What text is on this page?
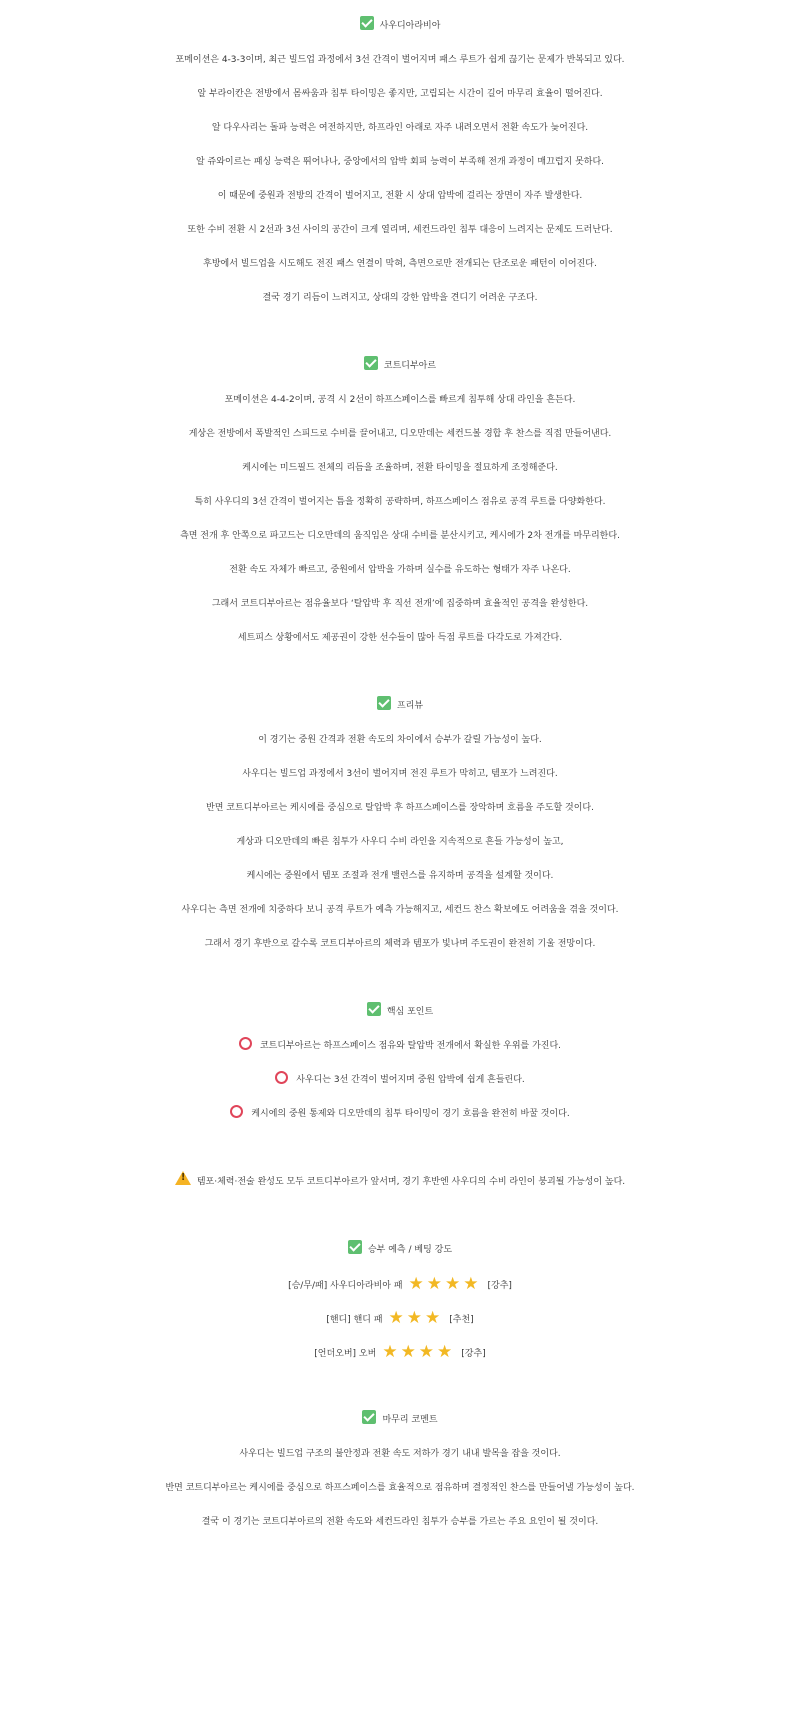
사우디아라비아
포메이션은 4-3-3이며, 최근 빌드업 과정에서 3선 간격이 벌어지며 패스 루트가 쉽게 끊기는 문제가 반복되고 있다.
알 부라이칸은 전방에서 몸싸움과 침투 타이밍은 좋지만, 고립되는 시간이 길어 마무리 효율이 떨어진다.
알 다우사리는 돌파 능력은 여전하지만, 하프라인 아래로 자주 내려오면서 전환 속도가 늦어진다.
알 쥬와이르는 패싱 능력은 뛰어나나, 중앙에서의 압박 회피 능력이 부족해 전개 과정이 매끄럽지 못하다.
이 때문에 중원과 전방의 간격이 벌어지고, 전환 시 상대 압박에 걸리는 장면이 자주 발생한다.
또한 수비 전환 시 2선과 3선 사이의 공간이 크게 열리며, 세컨드라인 침투 대응이 느려지는 문제도 드러난다.
후방에서 빌드업을 시도해도 전진 패스 연결이 막혀, 측면으로만 전개되는 단조로운 패턴이 이어진다.
결국 경기 리듬이 느려지고, 상대의 강한 압박을 견디기 어려운 구조다.
코트디부아르
포메이션은 4-4-2이며, 공격 시 2선이 하프스페이스를 빠르게 침투해 상대 라인을 흔든다.
게상은 전방에서 폭발적인 스피드로 수비를 끌어내고, 디오만데는 세컨드볼 경합 후 찬스를 직접 만들어낸다.
케시에는 미드필드 전체의 리듬을 조율하며, 전환 타이밍을 절묘하게 조정해준다.
특히 사우디의 3선 간격이 벌어지는 틈을 정확히 공략하며, 하프스페이스 점유로 공격 루트를 다양화한다.
측면 전개 후 안쪽으로 파고드는 디오만데의 움직임은 상대 수비를 분산시키고, 케시에가 2차 전개를 마무리한다.
전환 속도 자체가 빠르고, 중원에서 압박을 가하며 실수를 유도하는 형태가 자주 나온다.
그래서 코트디부아르는 점유율보다 ‘탈압박 후 직선 전개’에 집중하며 효율적인 공격을 완성한다.
세트피스 상황에서도 제공권이 강한 선수들이 많아 득점 루트를 다각도로 가져간다.
프리뷰
이 경기는 중원 간격과 전환 속도의 차이에서 승부가 갈릴 가능성이 높다.
사우디는 빌드업 과정에서 3선이 벌어지며 전진 루트가 막히고, 템포가 느려진다.
반면 코트디부아르는 케시에를 중심으로 탈압박 후 하프스페이스를 장악하며 흐름을 주도할 것이다.
게상과 디오만데의 빠른 침투가 사우디 수비 라인을 지속적으로 흔들 가능성이 높고,
케시에는 중원에서 템포 조절과 전개 밸런스를 유지하며 공격을 설계할 것이다.
사우디는 측면 전개에 치중하다 보니 공격 루트가 예측 가능해지고, 세컨드 찬스 확보에도 어려움을 겪을 것이다.
그래서 경기 후반으로 갈수록 코트디부아르의 체력과 템포가 빛나며 주도권이 완전히 기울 전망이다.
핵심 포인트
코트디부아르는 하프스페이스 점유와 탈압박 전개에서 확실한 우위를 가진다.
사우디는 3선 간격이 벌어지며 중원 압박에 쉽게 흔들린다.
케시에의 중원 통제와 디오만데의 침투 타이밍이 경기 흐름을 완전히 바꿀 것이다.
!템포·체력·전술 완성도 모두 코트디부아르가 앞서며, 경기 후반엔 사우디의 수비 라인이 붕괴될 가능성이 높다.
승부 예측 / 베팅 강도
[승/무/패] 사우디아라비아 패 ★★★★ [강추]
[핸디] 핸디 패 ★★★ [추천]
[언더오버] 오버 ★★★★ [강추]
마무리 코멘트
사우디는 빌드업 구조의 불안정과 전환 속도 저하가 경기 내내 발목을 잡을 것이다.
반면 코트디부아르는 케시에를 중심으로 하프스페이스를 효율적으로 점유하며 결정적인 찬스를 만들어낼 가능성이 높다.
결국 이 경기는 코트디부아르의 전환 속도와 세컨드라인 침투가 승부를 가르는 주요 요인이 될 것이다.
